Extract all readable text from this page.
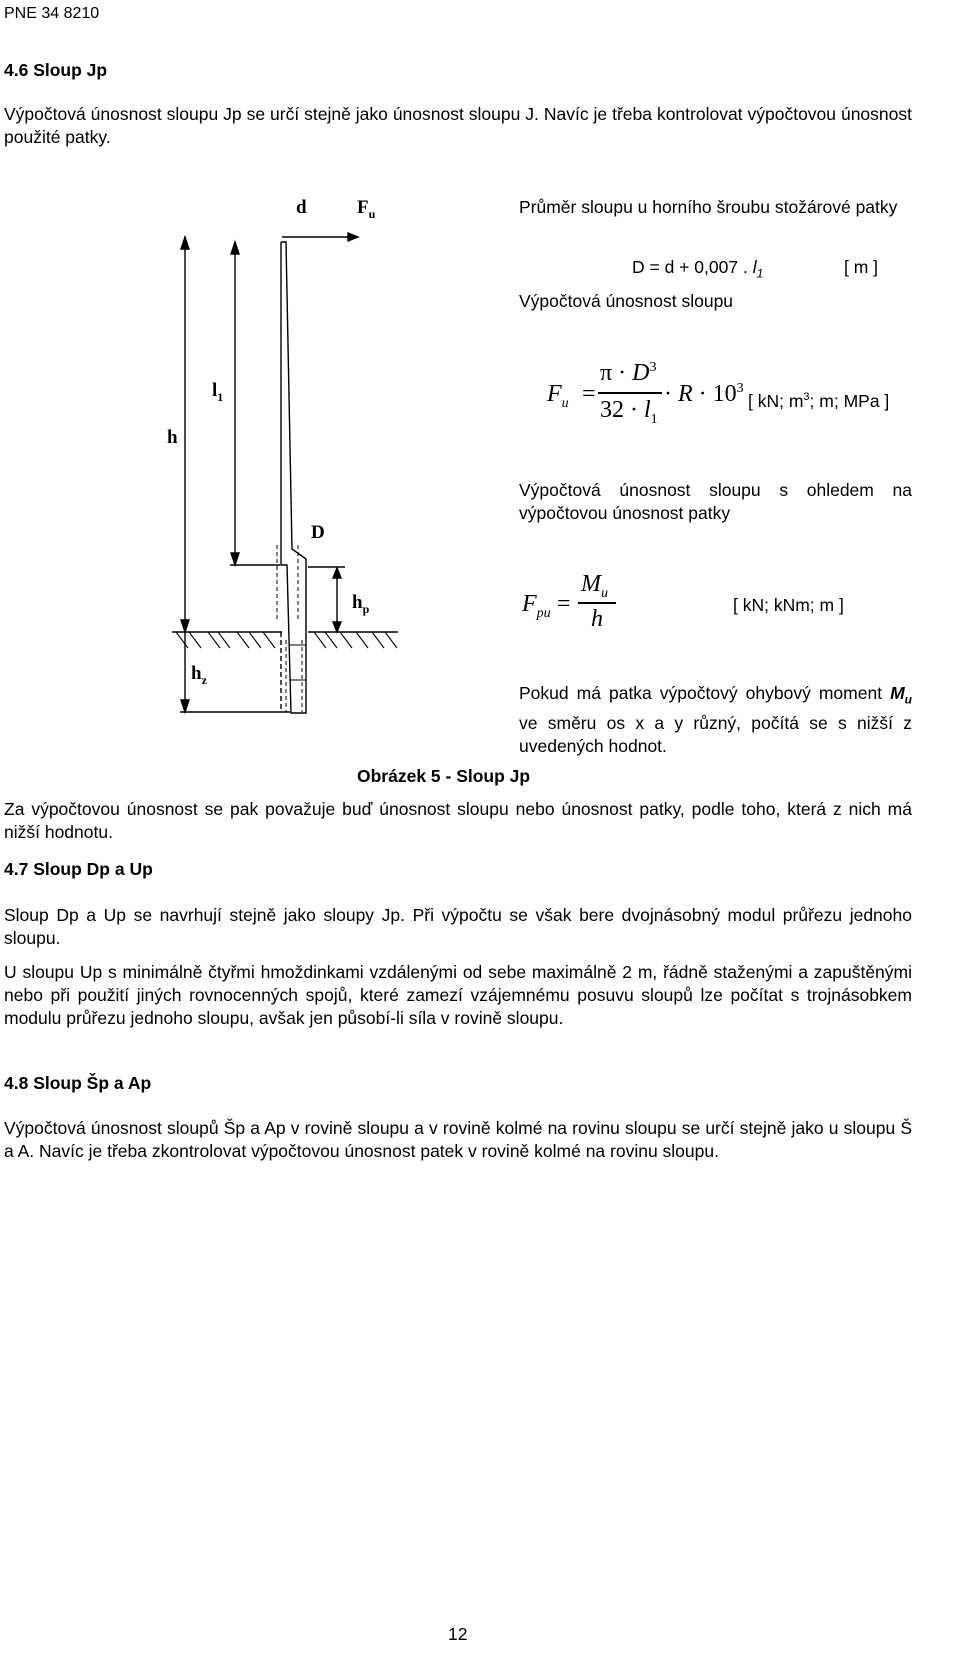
PNE 34 8210
4.6 Sloup Jp
Výpočtová únosnost sloupu Jp se určí stejně jako únosnost sloupu J. Navíc je třeba kontrolovat výpočtovou únosnost použité patky.
d	$F_u$
$l_1$
h
D
$h_p$
$h_z$
Obrázek 5 - Sloup Jp
Průměr sloupu u horního šroubu stožárové patky
D = d + 0,007 . $l_1$	[ m ]
Výpočtová únosnost sloupu
$F_u$ =
$\pi \cdot D^3$
$32 \cdot l_1$
· $R \cdot 10^3$
[ kN; $m^3$; m; MPa ]
Výpočtová únosnost sloupu s ohledem na výpočtovou únosnost patky
$F_{pu}$ =
$M_u$
h
[ kN; kNm; m ]
Pokud má patka výpočtový ohybový moment $M_u$ ve směru os x a y různý, počítá se s nižší z uvedených hodnot.
Za výpočtovou únosnost se pak považuje buď únosnost sloupu nebo únosnost patky, podle toho, která z nich má nižší hodnotu.
4.7 Sloup Dp a Up
Sloup Dp a Up se navrhují stejně jako sloupy Jp. Při výpočtu se však bere dvojnásobný modul průřezu jednoho sloupu.
U sloupu Up s minimálně čtyřmi hmoždinkami vzdálenými od sebe maximálně 2 m, řádně staženými a zapuštěnými nebo při použití jiných rovnocenných spojů, které zamezí vzájemnému posuvu sloupů lze počítat s trojnásobkem modulu průřezu jednoho sloupu, avšak jen působí-li síla v rovině sloupu.
4.8 Sloup Šp a Ap
Výpočtová únosnost sloupů Šp a Ap v rovině sloupu a v rovině kolmé na rovinu sloupu se určí stejně jako u sloupu Š a A. Navíc je třeba zkontrolovat výpočtovou únosnost patek v rovině kolmé na rovinu sloupu.
12
